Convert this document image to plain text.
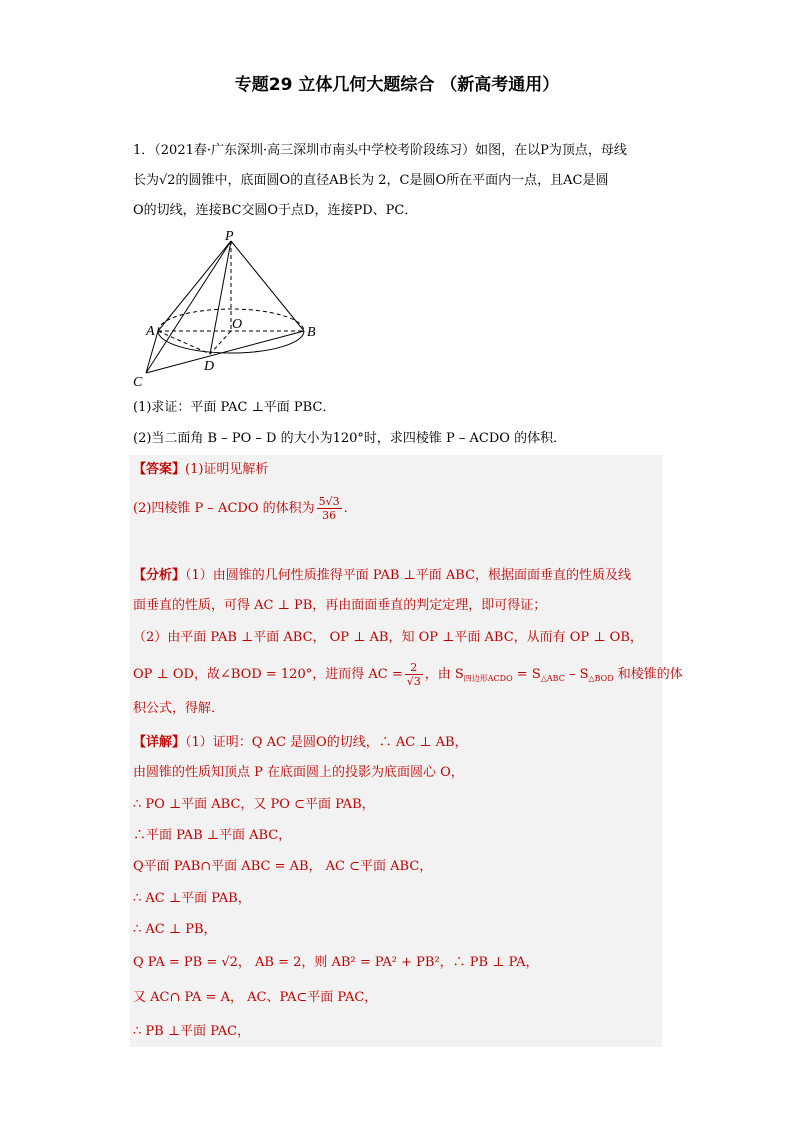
专题29 立体几何大题综合 （新高考通用）
1．（2021春·广东深圳·高三深圳市南头中学校考阶段练习）如图，在以P为顶点，母线
长为√2的圆锥中，底面圆O的直径AB长为 2，C是圆O所在平面内一点，且AC是圆
O的切线，连接BC交圆O于点D，连接PD、PC．
P
O
A	B
C
D
(1)求证：平面 PAC ⊥平面 PBC．
(2)当二面角 B – PO – D 的大小为120°时，求四棱锥 P – ACDO 的体积．
【答案】(1)证明见解析
(2)四棱锥 P – ACDO 的体积为 $\frac{5√3}{36}$ .
【分析】（1）由圆锥的几何性质推得平面 PAB ⊥平面 ABC，根据面面垂直的性质及线
面垂直的性质，可得 AC ⊥ PB，再由面面垂直的判定定理，即可得证；
（2）由平面 PAB ⊥平面 ABC， OP ⊥ AB，知 OP ⊥平面 ABC，从而有 OP ⊥ OB，
OP ⊥ OD，故∠BOD = 120°，进而得 AC = $\frac{2}{√3}$ ，由 $S_{四边形ACDO} = S_{\triangle ABC} - S_{\triangle BOD}$ 和棱锥的体
积公式，得解．
【详解】（1）证明：Q AC 是圆O的切线，∴ AC ⊥ AB，
由圆锥的性质知顶点 P 在底面圆上的投影为底面圆心 O，
∴ PO ⊥平面 ABC，又 PO ⊂平面 PAB，
∴平面 PAB ⊥平面 ABC，
Q平面 PAB∩平面 ABC = AB， AC ⊂平面 ABC，
∴ AC ⊥平面 PAB，
∴ AC ⊥ PB，
Q PA = PB = √2， AB = 2，则 AB² = PA² + PB²，∴ PB ⊥ PA，
又 AC∩ PA = A， AC、PA⊂平面 PAC，
∴ PB ⊥平面 PAC，
